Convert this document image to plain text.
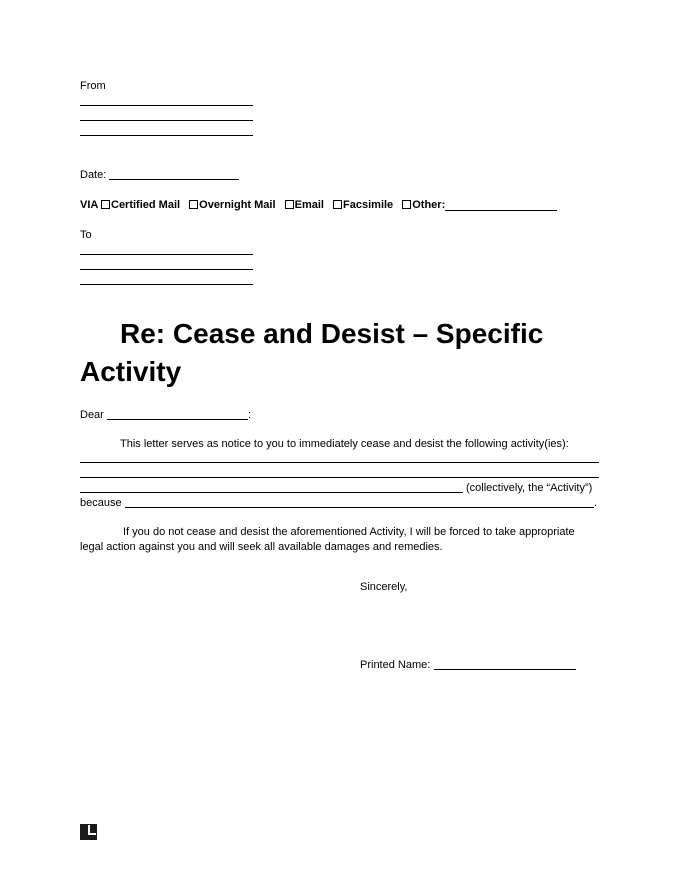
From
Date:
VIA Certified Mail Overnight Mail Email Facsimile Other:
To
Re: Cease and Desist – Specific
Activity
Dear	:
This letter serves as notice to you to immediately cease and desist the following activity(ies):
(collectively, the “Activity”)
because	.
If you do not cease and desist the aforementioned Activity, I will be forced to take appropriate
legal action against you and will seek all available damages and remedies.
Sincerely,
Printed Name:
